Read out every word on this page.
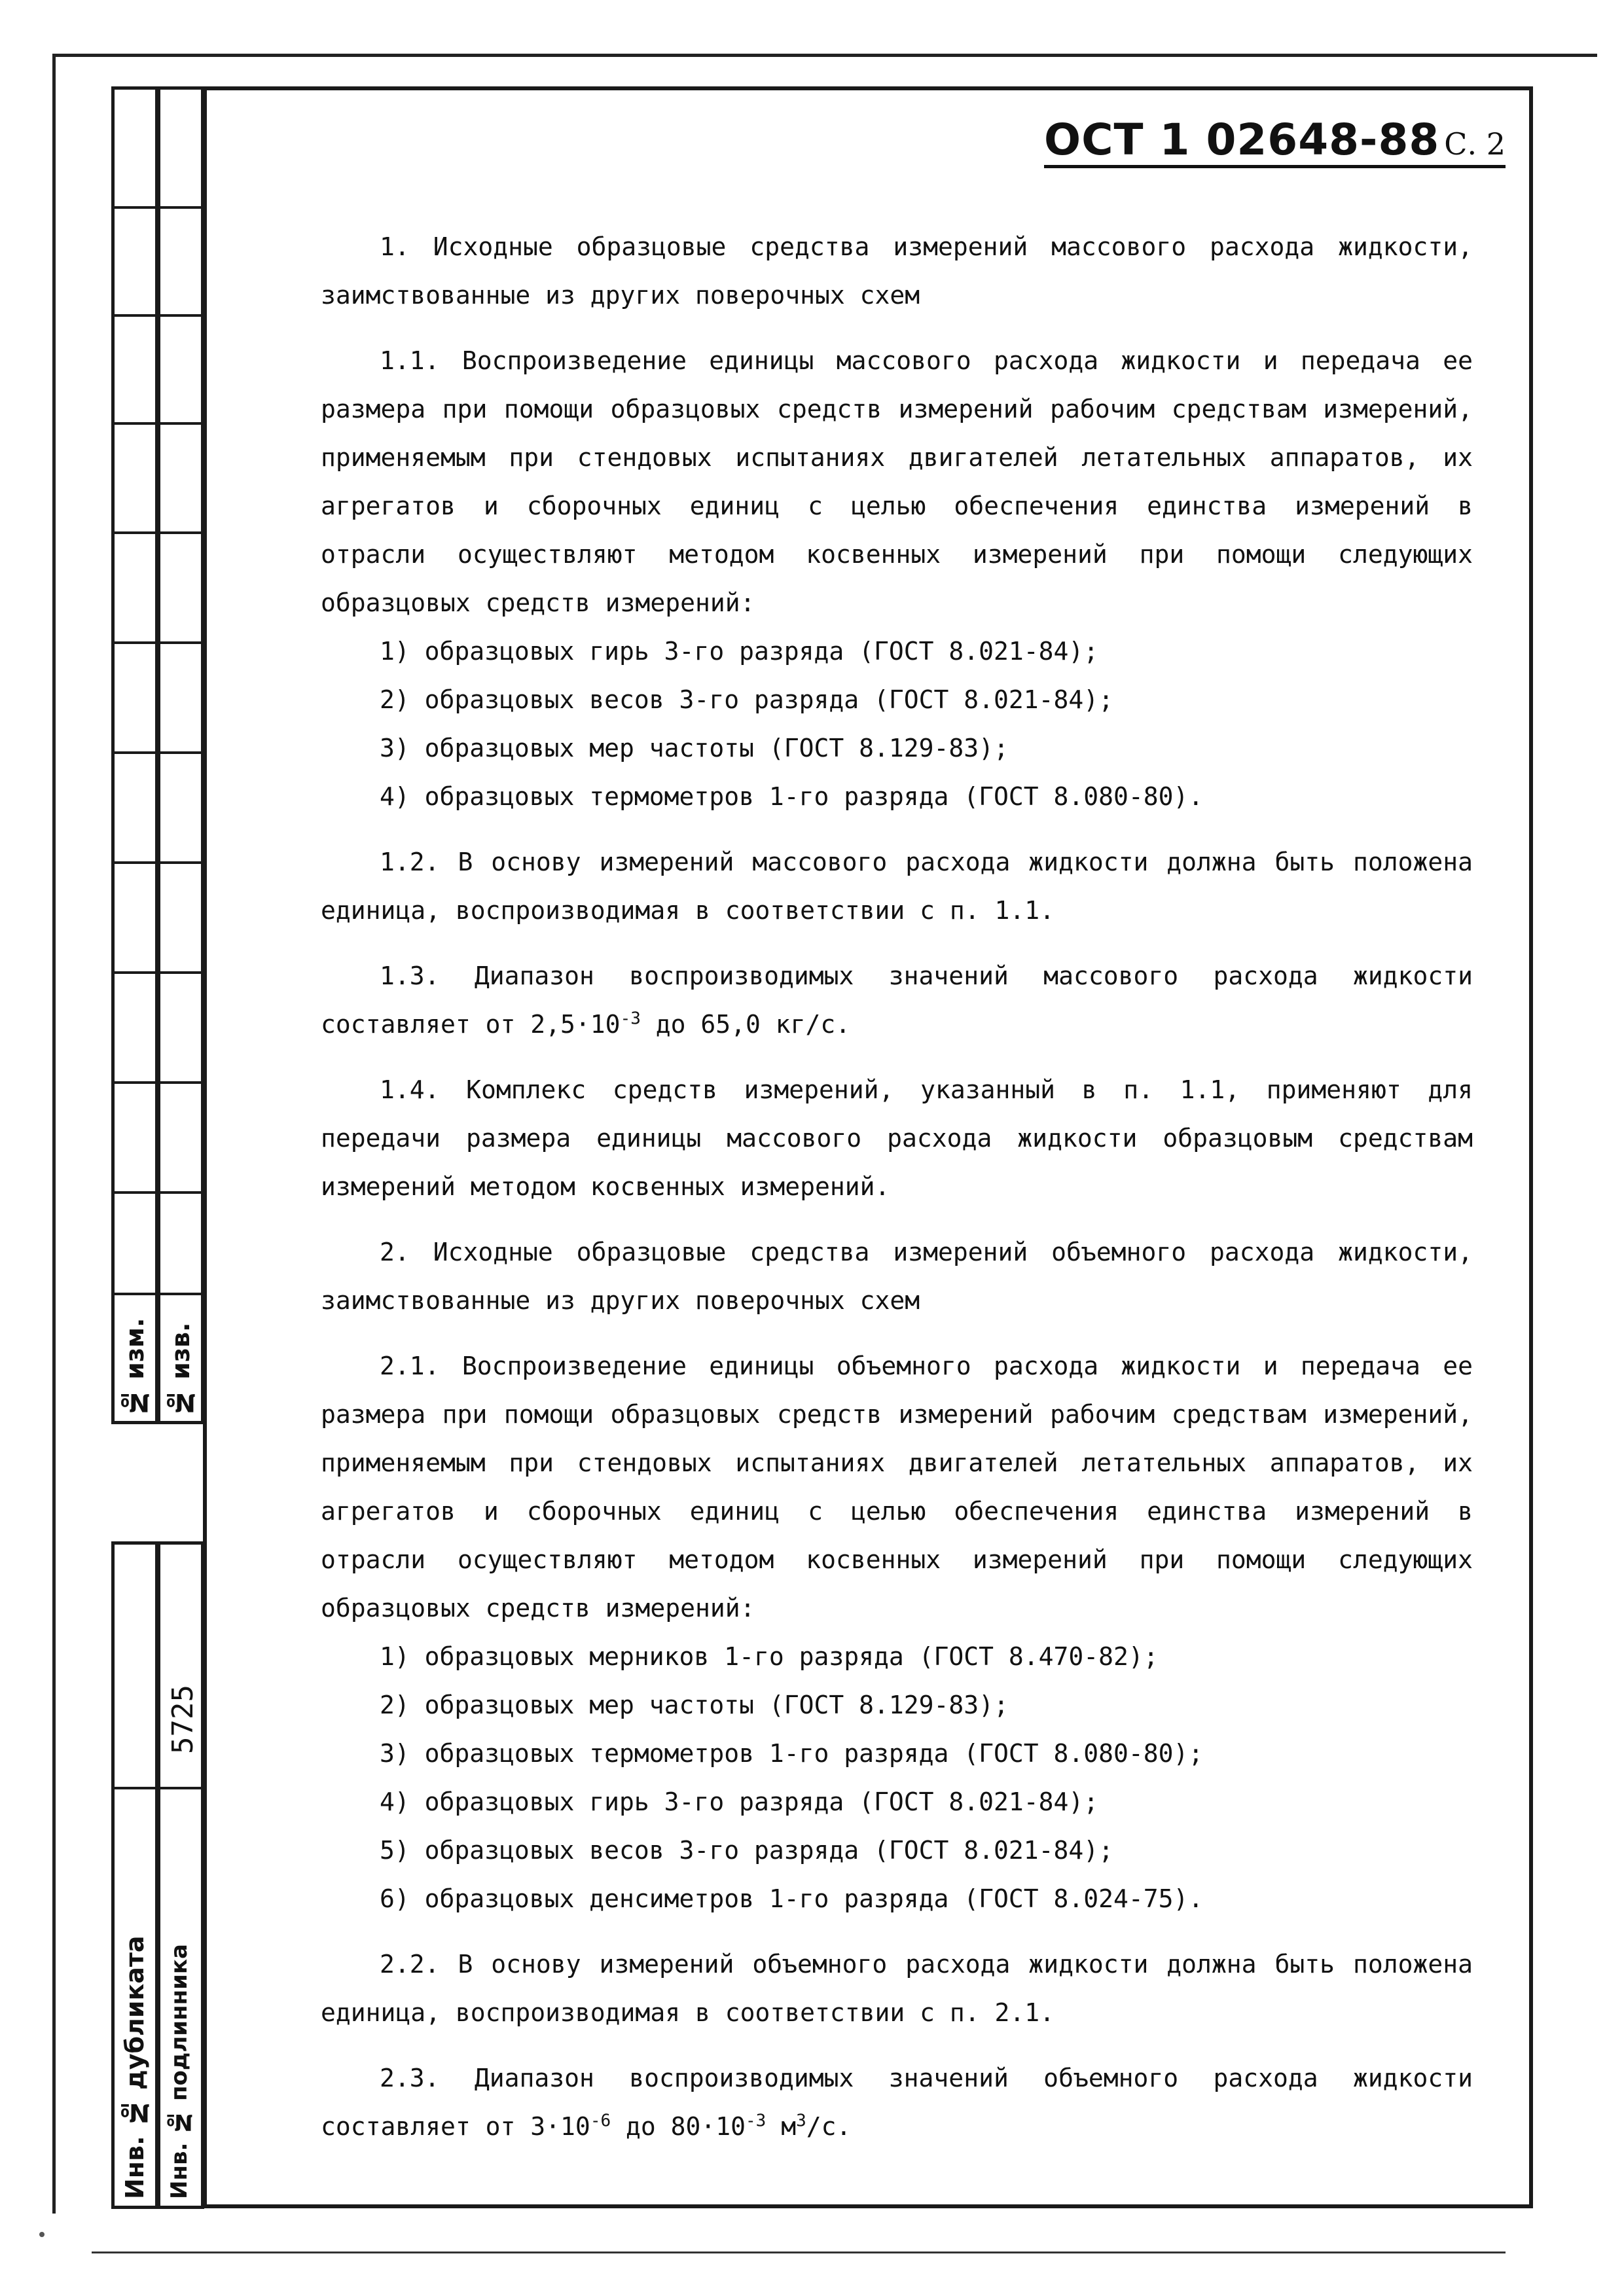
№ изм. № изв.
Инв. № дубликата Инв. № подлинника
5725
ОСТ 1 02648-88 С. 2

1. Исходные образцовые средства измерений массового расхода жидкости, заимствованные из других поверочных схем

1.1. Воспроизведение единицы массового расхода жидкости и передача ее размера при помощи образцовых средств измерений рабочим средствам измерений, применяемым при стендовых испытаниях двигателей летательных аппаратов, их агрегатов и сборочных единиц с целью обеспечения единства измерений в отрасли осуществляют методом косвенных измерений при помощи следующих образцовых средств измерений:

1) образцовых гирь 3-го разряда (ГОСТ 8.021-84);

2) образцовых весов 3-го разряда (ГОСТ 8.021-84);

3) образцовых мер частоты (ГОСТ 8.129-83);

4) образцовых термометров 1-го разряда (ГОСТ 8.080-80).

1.2. В основу измерений массового расхода жидкости должна быть положена единица, воспроизводимая в соответствии с п. 1.1.

1.3. Диапазон воспроизводимых значений массового расхода жидкости составляет от $2,5\cdot 10^{-3}$ до 65,0 кг/с.

1.4. Комплекс средств измерений, указанный в п. 1.1, применяют для передачи размера единицы массового расхода жидкости образцовым средствам измерений методом косвенных измерений.

2. Исходные образцовые средства измерений объемного расхода жидкости, заимствованные из других поверочных схем

2.1. Воспроизведение единицы объемного расхода жидкости и передача ее размера при помощи образцовых средств измерений рабочим средствам измерений, применяемым при стендовых испытаниях двигателей летательных аппаратов, их агрегатов и сборочных единиц с целью обеспечения единства измерений в отрасли осуществляют методом косвенных измерений при помощи следующих образцовых средств измерений:

1) образцовых мерников 1-го разряда (ГОСТ 8.470-82);

2) образцовых мер частоты (ГОСТ 8.129-83);

3) образцовых термометров 1-го разряда (ГОСТ 8.080-80);

4) образцовых гирь 3-го разряда (ГОСТ 8.021-84);

5) образцовых весов 3-го разряда (ГОСТ 8.021-84);

6) образцовых денсиметров 1-го разряда (ГОСТ 8.024-75).

2.2. В основу измерений объемного расхода жидкости должна быть положена единица, воспроизводимая в соответствии с п. 2.1.

2.3. Диапазон воспроизводимых значений объемного расхода жидкости составляет от $3\cdot 10^{-6}$ до $80\cdot 10^{-3}$ $м^3/с$.
